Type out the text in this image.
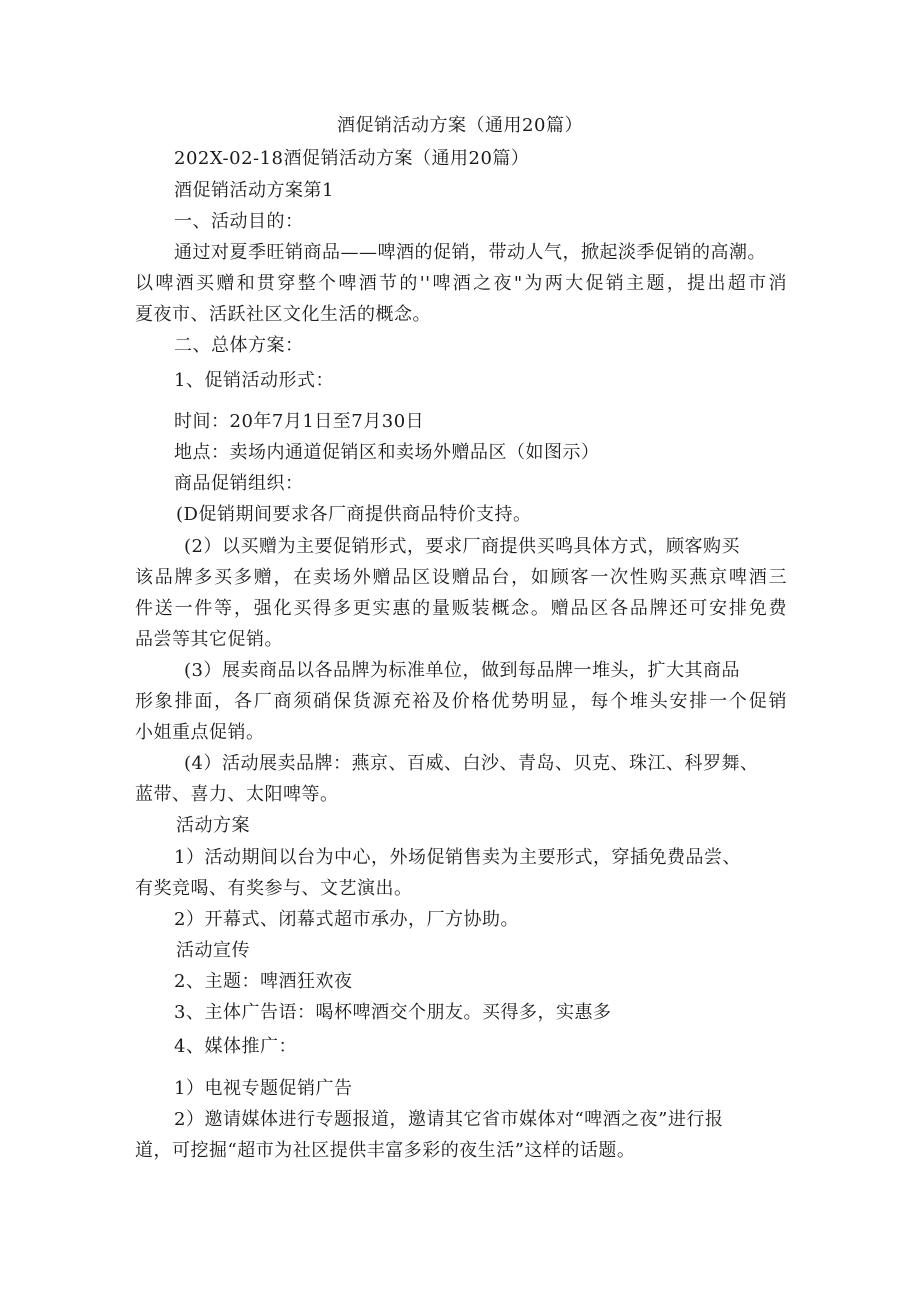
酒促销活动方案（通用20篇）

202X-02-18酒促销活动方案（通用20篇）

酒促销活动方案第1

一、活动目的：

通过对夏季旺销商品——啤酒的促销，带动人气，掀起淡季促销的高潮。

以啤酒买赠和贯穿整个啤酒节的''啤酒之夜"为两大促销主题，提出超市消

夏夜市、活跃社区文化生活的概念。

二、总体方案：

1、促销活动形式：

时间：20年7月1日至7月30日

地点：卖场内通道促销区和卖场外赠品区（如图示）

商品促销组织：

(D促销期间要求各厂商提供商品特价支持。

(2）以买赠为主要促销形式，要求厂商提供买鸣具体方式，顾客购买

该品牌多买多赠，在卖场外赠品区设赠品台，如顾客一次性购买燕京啤酒三

件送一件等，强化买得多更实惠的量贩装概念。赠品区各品牌还可安排免费

品尝等其它促销。

(3）展卖商品以各品牌为标准单位，做到每品牌一堆头，扩大其商品

形象排面，各厂商须硝保货源充裕及价格优势明显，每个堆头安排一个促销

小姐重点促销。

(4）活动展卖品牌：燕京、百威、白沙、青岛、贝克、珠江、科罗舞、

蓝带、喜力、太阳啤等。

活动方案

1）活动期间以台为中心，外场促销售卖为主要形式，穿插免费品尝、

有奖竞喝、有奖参与、文艺演出。

2）开幕式、闭幕式超市承办，厂方协助。

活动宣传

2、主题：啤酒狂欢夜

3、主体广告语：喝杯啤酒交个朋友。买得多，实惠多

4、媒体推广：

1）电视专题促销广告

2）邀请媒体进行专题报道，邀请其它省市媒体对“啤酒之夜”进行报

道，可挖掘“超市为社区提供丰富多彩的夜生活”这样的话题。
